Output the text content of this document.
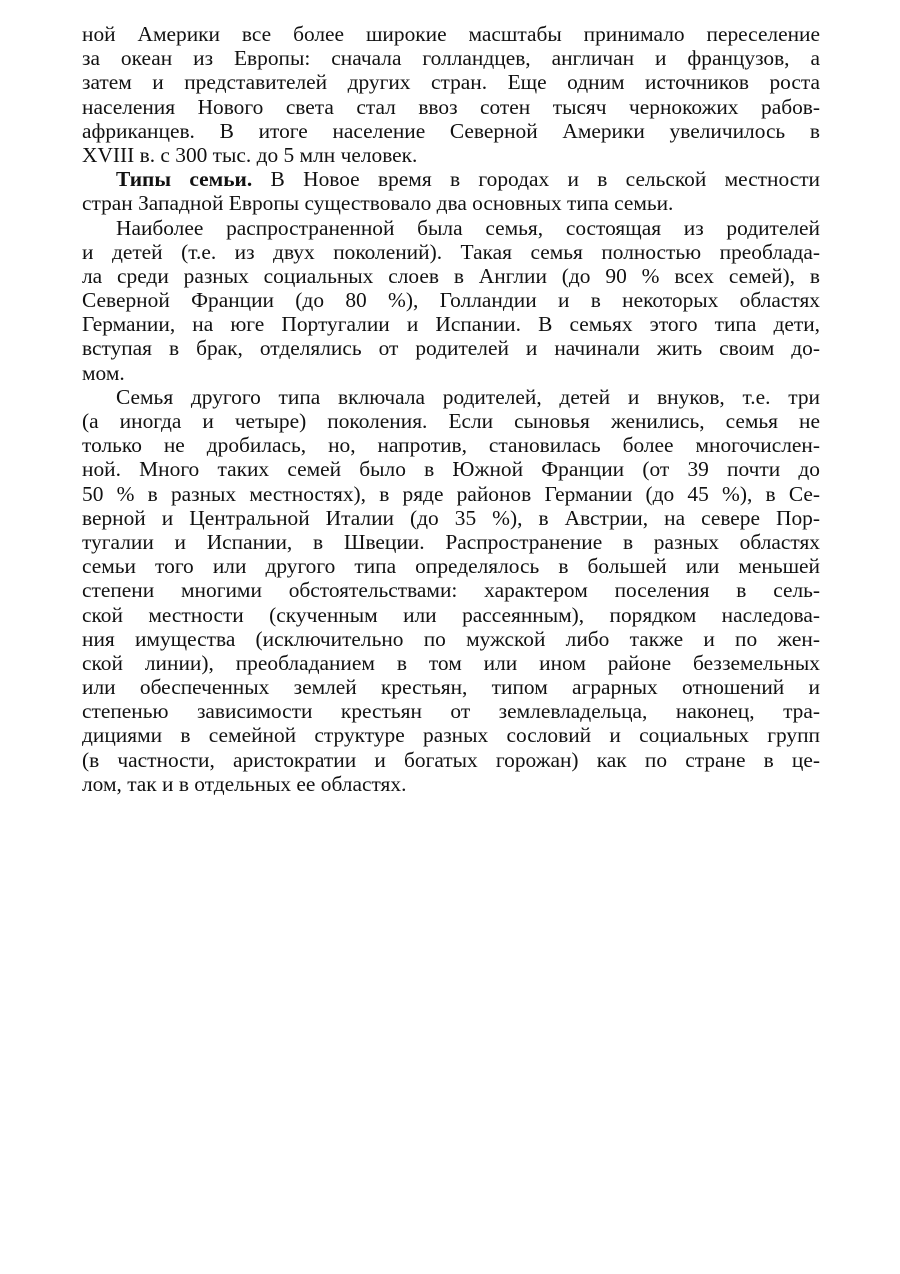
ной Америки все более широкие масштабы принимало переселение
за океан из Европы: сначала голландцев, англичан и французов, а
затем и представителей других стран. Еще одним источников роста
населения Нового света стал ввоз сотен тысяч чернокожих рабов-
африканцев. В итоге население Северной Америки увеличилось в
XVIII в. с 300 тыс. до 5 млн человек.
Типы семьи. В Новое время в городах и в сельской местности
стран Западной Европы существовало два основных типа семьи.
Наиболее распространенной была семья, состоящая из родителей
и детей (т.е. из двух поколений). Такая семья полностью преоблада-
ла среди разных социальных слоев в Англии (до 90 % всех семей), в
Северной Франции (до 80 %), Голландии и в некоторых областях
Германии, на юге Португалии и Испании. В семьях этого типа дети,
вступая в брак, отделялись от родителей и начинали жить своим до-
мом.
Семья другого типа включала родителей, детей и внуков, т.е. три
(а иногда и четыре) поколения. Если сыновья женились, семья не
только не дробилась, но, напротив, становилась более многочислен-
ной. Много таких семей было в Южной Франции (от 39 почти до
50 % в разных местностях), в ряде районов Германии (до 45 %), в Се-
верной и Центральной Италии (до 35 %), в Австрии, на севере Пор-
тугалии и Испании, в Швеции. Распространение в разных областях
семьи того или другого типа определялось в большей или меньшей
степени многими обстоятельствами: характером поселения в сель-
ской местности (скученным или рассеянным), порядком наследова-
ния имущества (исключительно по мужской либо также и по жен-
ской линии), преобладанием в том или ином районе безземельных
или обеспеченных землей крестьян, типом аграрных отношений и
степенью зависимости крестьян от землевладельца, наконец, тра-
дициями в семейной структуре разных сословий и социальных групп
(в частности, аристократии и богатых горожан) как по стране в це-
лом, так и в отдельных ее областях.
